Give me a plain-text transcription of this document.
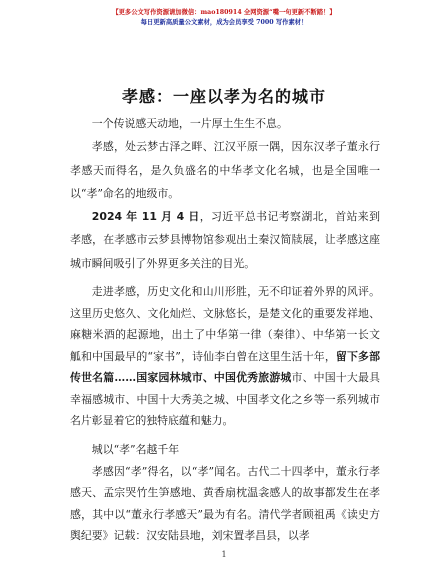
【更多公文写作资源请加微信：mao180914 全网资源“嘴一句更新不断踏！】
每日更新高质量公文素材，成为会员享受 7000 写作素材！
孝感：一座以孝为名的城市

一个传说感天动地，一片厚土生生不息。

孝感，处云梦古泽之畔、江汉平原一隅，因东汉孝子董永行孝感天而得名，是久负盛名的中华孝文化名城，也是全国唯一以“孝”命名的地级市。

2024 年 11 月 4 日，习近平总书记考察湖北，首站来到孝感，在孝感市云梦县博物馆参观出土秦汉简牍展，让孝感这座城市瞬间吸引了外界更多关注的目光。

走进孝感，历史文化和山川形胜，无不印证着外界的风评。这里历史悠久、文化灿烂、文脉悠长，是楚文化的重要发祥地、麻糖米酒的起源地，出土了中华第一律（秦律）、中华第一长文觚和中国最早的“家书”，诗仙李白曾在这里生活十年，留下多部传世名篇……国家园林城市、中国优秀旅游城市、中国十大最具幸福感城市、中国十大秀美之城、中国孝文化之乡等一系列城市名片彰显着它的独特底蕴和魅力。

城以“孝”名越千年

孝感因“孝”得名，以“孝”闻名。古代二十四孝中，董永行孝感天、孟宗哭竹生笋感地、黄香扇枕温衾感人的故事都发生在孝感，其中以“董永行孝感天”最为有名。清代学者顾祖禹《读史方舆纪要》记载：汉安陆县地，刘宋置孝昌县，以孝

1
